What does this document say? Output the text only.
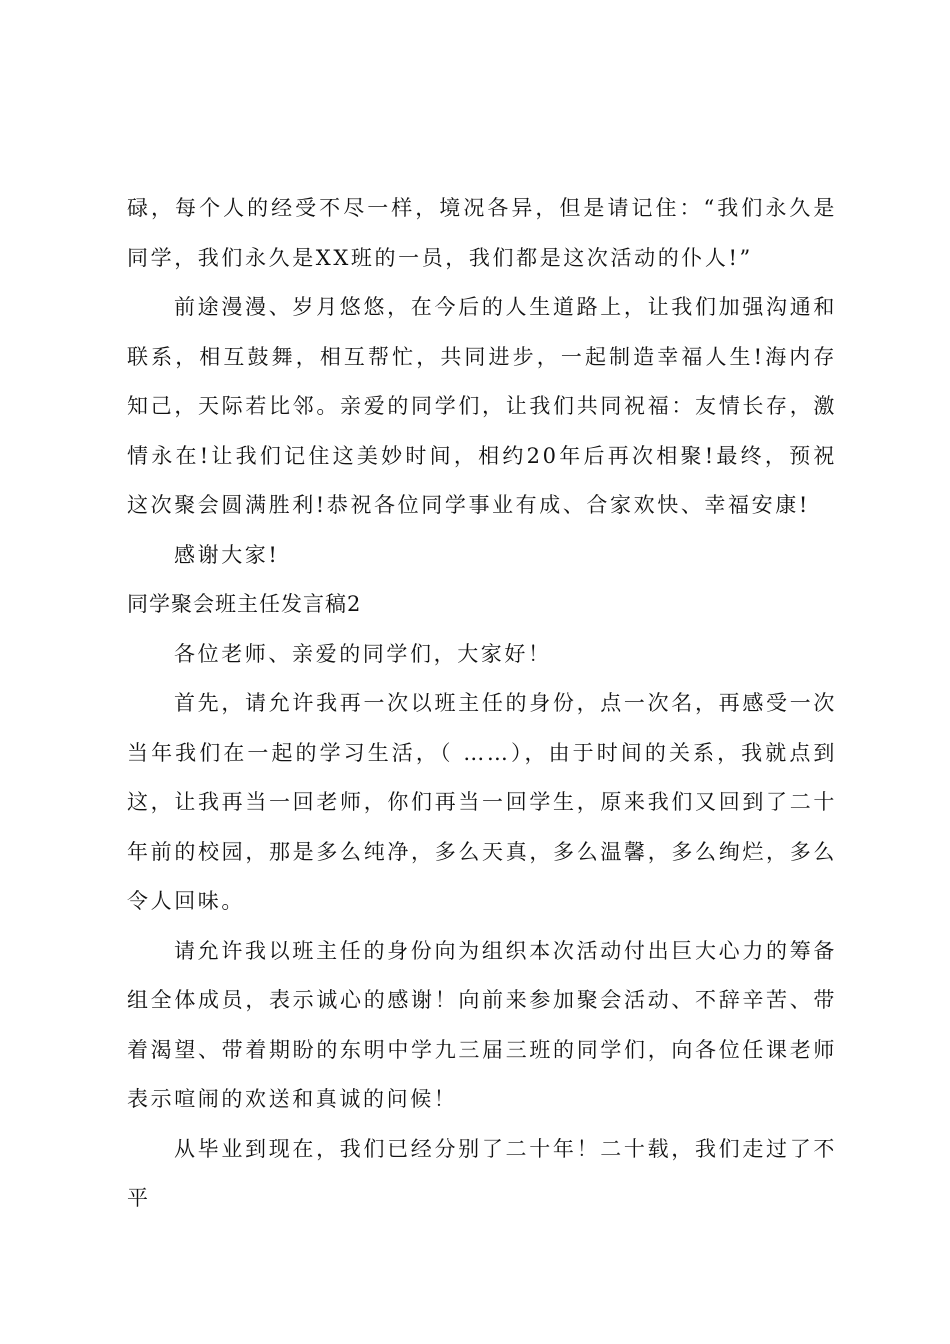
碌，每个人的经受不尽一样，境况各异，但是请记住：“我们永久是同学，我们永久是XX班的一员，我们都是这次活动的仆人!”

前途漫漫、岁月悠悠，在今后的人生道路上，让我们加强沟通和联系，相互鼓舞，相互帮忙，共同进步，一起制造幸福人生!海内存知己，天际若比邻。亲爱的同学们，让我们共同祝福：友情长存，激情永在!让我们记住这美妙时间，相约20年后再次相聚!最终，预祝这次聚会圆满胜利!恭祝各位同学事业有成、合家欢快、幸福安康!

感谢大家!

同学聚会班主任发言稿2

各位老师、亲爱的同学们，大家好！

首先，请允许我再一次以班主任的身份，点一次名，再感受一次当年我们在一起的学习生活，（ ……），由于时间的关系，我就点到这，让我再当一回老师，你们再当一回学生，原来我们又回到了二十年前的校园，那是多么纯净，多么天真，多么温馨，多么绚烂，多么令人回味。

请允许我以班主任的身份向为组织本次活动付出巨大心力的筹备组全体成员，表示诚心的感谢！向前来参加聚会活动、不辞辛苦、带着渴望、带着期盼的东明中学九三届三班的同学们，向各位任课老师表示喧闹的欢送和真诚的问候！

从毕业到现在，我们已经分别了二十年！二十载，我们走过了不平
